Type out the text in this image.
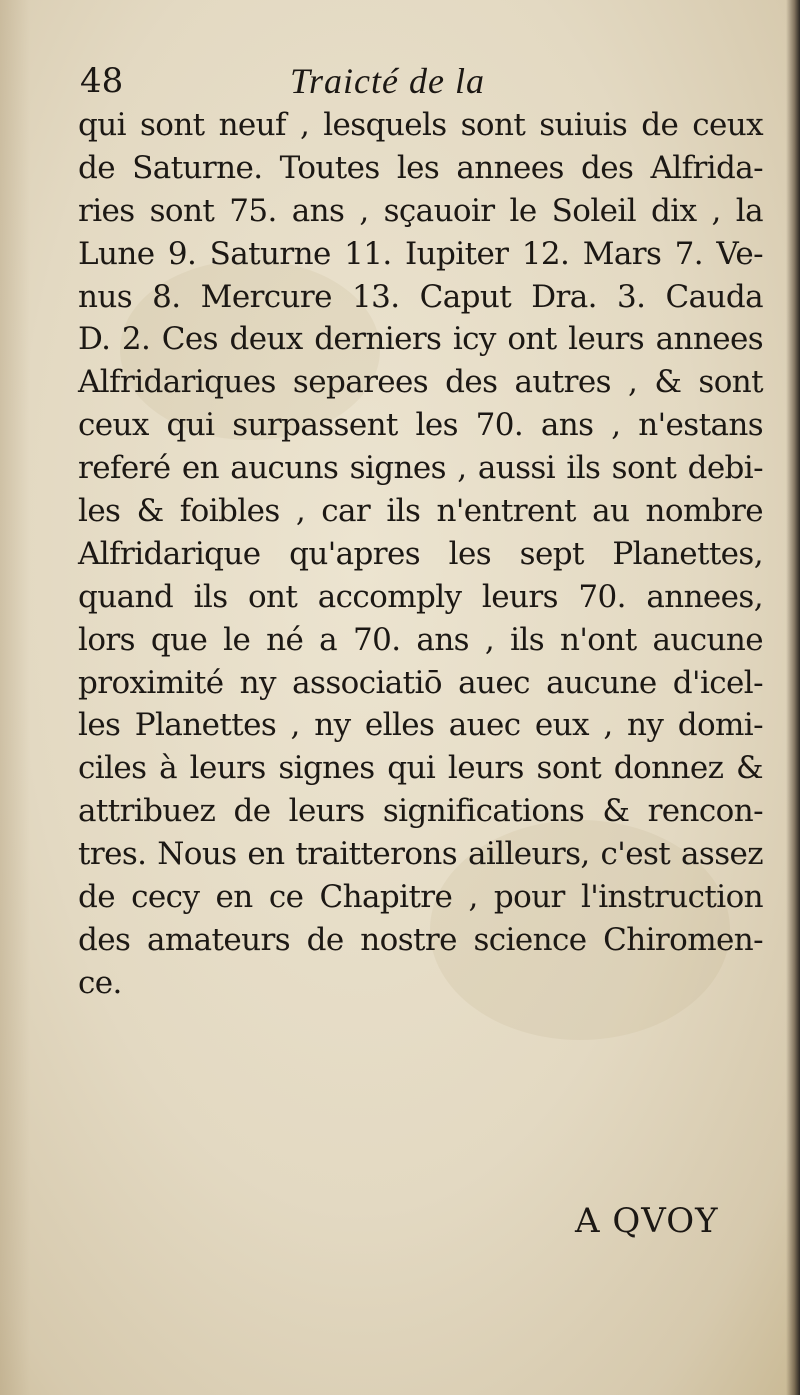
48	Traicté de la
qui sont neuf , lesquels sont suiuis de ceux
de Saturne. Toutes les annees des Alfrida-
ries sont 75. ans , sçauoir le Soleil dix , la
Lune 9. Saturne 11. Iupiter 12. Mars 7. Ve-
nus 8. Mercure 13. Caput Dra. 3. Cauda
D. 2. Ces deux derniers icy ont leurs annees
Alfridariques separees des autres , & sont
ceux qui surpassent les 70. ans , n'estans
referé en aucuns signes , aussi ils sont debi-
les & foibles , car ils n'entrent au nombre
Alfridarique qu'apres les sept Planettes,
quand ils ont accomply leurs 70. annees,
lors que le né a 70. ans , ils n'ont aucune
proximité ny associatiō auec aucune d'icel-
les Planettes , ny elles auec eux , ny domi-
ciles à leurs signes qui leurs sont donnez &
attribuez de leurs significations & rencon-
tres. Nous en traitterons ailleurs, c'est assez
de cecy en ce Chapitre , pour l'instruction
des amateurs de nostre science Chiromen-
ce.
A QVOY
